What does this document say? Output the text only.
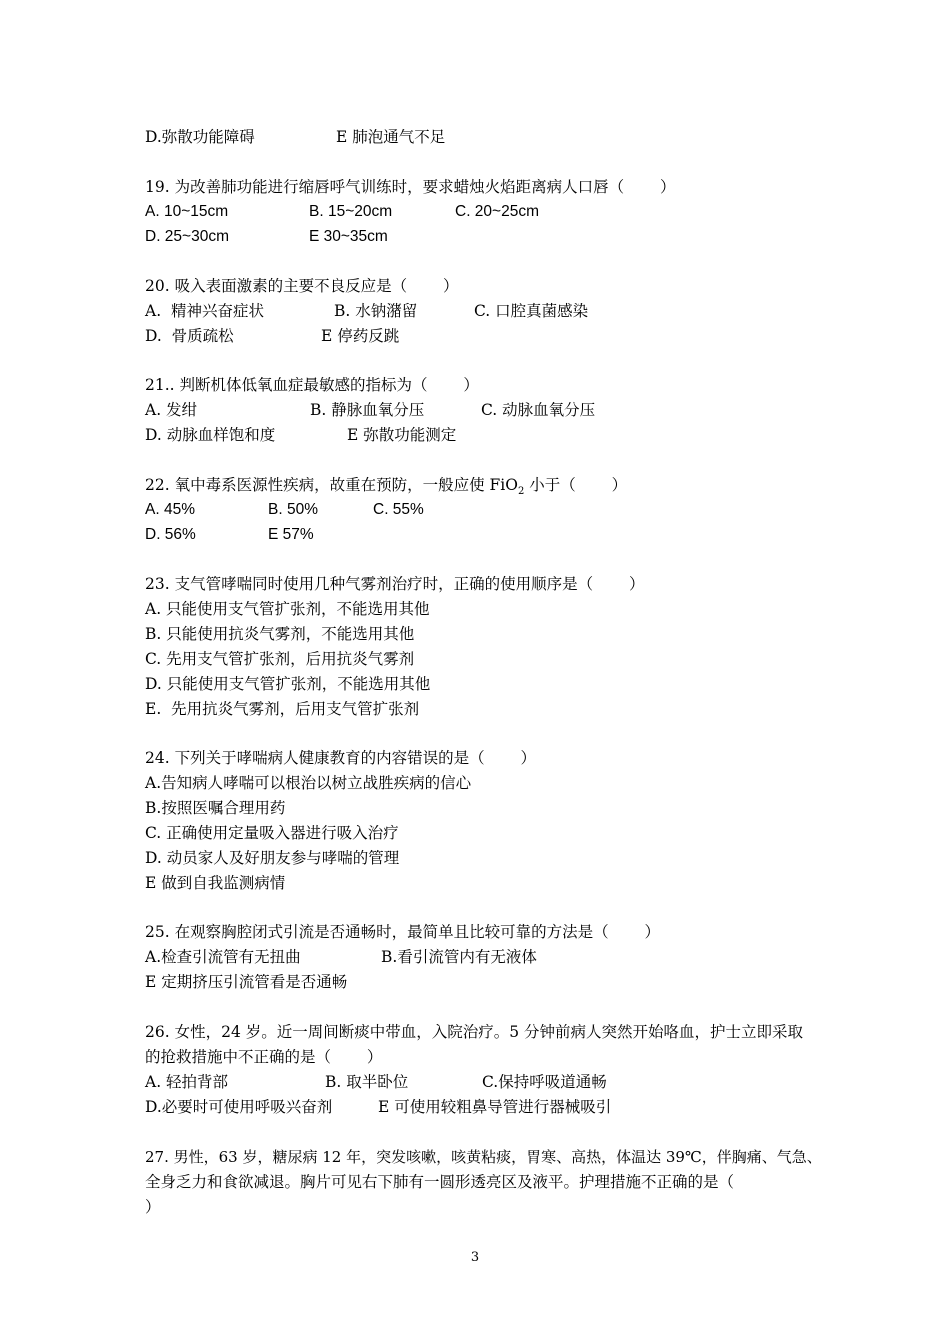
D.弥散功能障碍	E 肺泡通气不足
19. 为改善肺功能进行缩唇呼气训练时，要求蜡烛火焰距离病人口唇（　　 ）
A. 10~15cm	B. 15~20cm	C. 20~25cm
D. 25~30cm	E 30~35cm
20. 吸入表面激素的主要不良反应是（　　 ）
A.  精神兴奋症状	B. 水钠潴留	C. 口腔真菌感染
D.  骨质疏松	E 停药反跳
21.. 判断机体低氧血症最敏感的指标为（　　 ）
A. 发绀	B. 静脉血氧分压	C. 动脉血氧分压
D. 动脉血样饱和度	E 弥散功能测定
22. 氧中毒系医源性疾病，故重在预防，一般应使 FiO$_2$ 小于（　　 ）
A. 45%	B. 50%	C. 55%
D. 56%	E 57%
23. 支气管哮喘同时使用几种气雾剂治疗时，正确的使用顺序是（　　 ）
A. 只能使用支气管扩张剂，不能选用其他
B. 只能使用抗炎气雾剂，不能选用其他
C. 先用支气管扩张剂，后用抗炎气雾剂
D. 只能使用支气管扩张剂，不能选用其他
E.  先用抗炎气雾剂，后用支气管扩张剂
24. 下列关于哮喘病人健康教育的内容错误的是（　　 ）
A.告知病人哮喘可以根治以树立战胜疾病的信心
B.按照医嘱合理用药
C. 正确使用定量吸入器进行吸入治疗
D. 动员家人及好朋友参与哮喘的管理
E 做到自我监测病情
25. 在观察胸腔闭式引流是否通畅时，最简单且比较可靠的方法是（　　 ）
A.检查引流管有无扭曲	B.看引流管内有无液体
E 定期挤压引流管看是否通畅
26. 女性，24 岁。近一周间断痰中带血，入院治疗。5 分钟前病人突然开始咯血，护士立即采取
的抢救措施中不正确的是（　　 ）
A. 轻拍背部	B. 取半卧位	C.保持呼吸道通畅
D.必要时可使用呼吸兴奋剂	E 可使用较粗鼻导管进行器械吸引
27. 男性，63 岁，糖尿病 12 年，突发咳嗽，咳黄粘痰，胃寒、高热，体温达 39℃，伴胸痛、气急、
全身乏力和食欲减退。胸片可见右下肺有一圆形透亮区及液平。护理措施不正确的是（
）
3
